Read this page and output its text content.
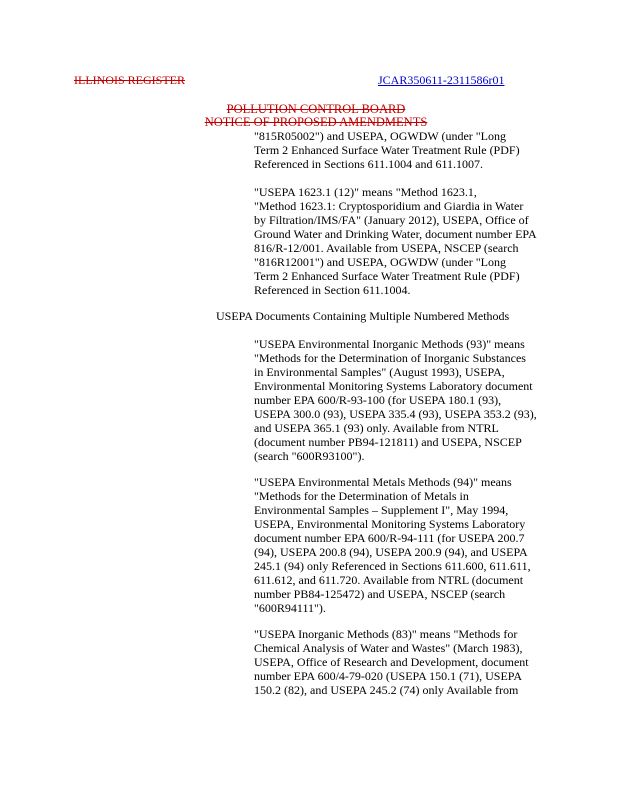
ILLINOIS REGISTER	JCAR350611-2311586r01
POLLUTION CONTROL BOARD
NOTICE OF PROPOSED AMENDMENTS
"815R05002") and USEPA, OGWDW (under "Long
Term 2 Enhanced Surface Water Treatment Rule (PDF)
Referenced in Sections 611.1004 and 611.1007.
"USEPA 1623.1 (12)" means "Method 1623.1,
"Method 1623.1: Cryptosporidium and Giardia in Water
by Filtration/IMS/FA" (January 2012), USEPA, Office of
Ground Water and Drinking Water, document number EPA
816/R-12/001. Available from USEPA, NSCEP (search
"816R12001") and USEPA, OGWDW (under "Long
Term 2 Enhanced Surface Water Treatment Rule (PDF)
Referenced in Section 611.1004.
USEPA Documents Containing Multiple Numbered Methods
"USEPA Environmental Inorganic Methods (93)" means
"Methods for the Determination of Inorganic Substances
in Environmental Samples" (August 1993), USEPA,
Environmental Monitoring Systems Laboratory document
number EPA 600/R-93-100 (for USEPA 180.1 (93),
USEPA 300.0 (93), USEPA 335.4 (93), USEPA 353.2 (93),
and USEPA 365.1 (93) only. Available from NTRL
(document number PB94-121811) and USEPA, NSCEP
(search "600R93100").
"USEPA Environmental Metals Methods (94)" means
"Methods for the Determination of Metals in
Environmental Samples – Supplement I", May 1994,
USEPA, Environmental Monitoring Systems Laboratory
document number EPA 600/R-94-111 (for USEPA 200.7
(94), USEPA 200.8 (94), USEPA 200.9 (94), and USEPA
245.1 (94) only Referenced in Sections 611.600, 611.611,
611.612, and 611.720. Available from NTRL (document
number PB84-125472) and USEPA, NSCEP (search
"600R94111").
"USEPA Inorganic Methods (83)" means "Methods for
Chemical Analysis of Water and Wastes" (March 1983),
USEPA, Office of Research and Development, document
number EPA 600/4-79-020 (USEPA 150.1 (71), USEPA
150.2 (82), and USEPA 245.2 (74) only Available from
